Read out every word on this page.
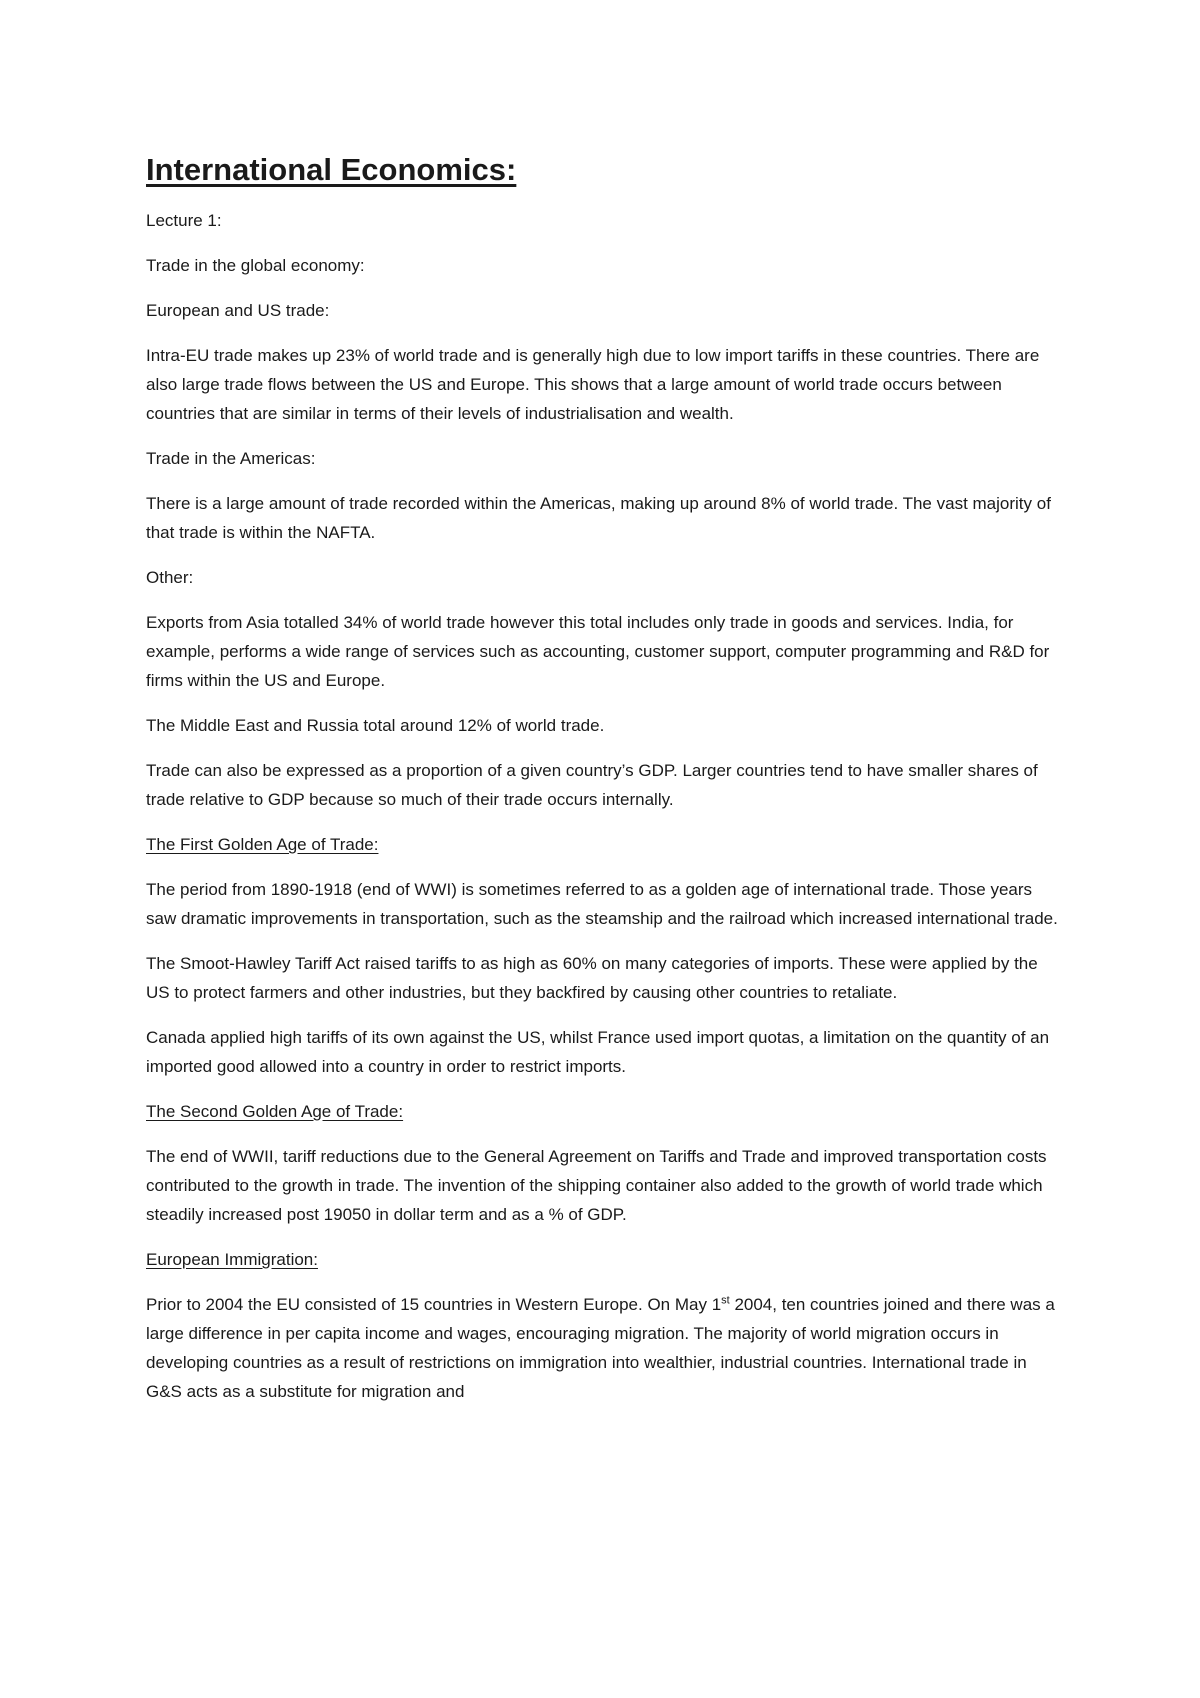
International Economics:

Lecture 1:

Trade in the global economy:

European and US trade:

Intra-EU trade makes up 23% of world trade and is generally high due to low import tariffs in these countries. There are also large trade flows between the US and Europe. This shows that a large amount of world trade occurs between countries that are similar in terms of their levels of industrialisation and wealth.

Trade in the Americas:

There is a large amount of trade recorded within the Americas, making up around 8% of world trade. The vast majority of that trade is within the NAFTA.

Other:

Exports from Asia totalled 34% of world trade however this total includes only trade in goods and services. India, for example, performs a wide range of services such as accounting, customer support, computer programming and R&D for firms within the US and Europe.

The Middle East and Russia total around 12% of world trade.

Trade can also be expressed as a proportion of a given country’s GDP. Larger countries tend to have smaller shares of trade relative to GDP because so much of their trade occurs internally.

The First Golden Age of Trade:

The period from 1890-1918 (end of WWI) is sometimes referred to as a golden age of international trade. Those years saw dramatic improvements in transportation, such as the steamship and the railroad which increased international trade.

The Smoot-Hawley Tariff Act raised tariffs to as high as 60% on many categories of imports. These were applied by the US to protect farmers and other industries, but they backfired by causing other countries to retaliate.

Canada applied high tariffs of its own against the US, whilst France used import quotas, a limitation on the quantity of an imported good allowed into a country in order to restrict imports.

The Second Golden Age of Trade:

The end of WWII, tariff reductions due to the General Agreement on Tariffs and Trade and improved transportation costs contributed to the growth in trade. The invention of the shipping container also added to the growth of world trade which steadily increased post 19050 in dollar term and as a % of GDP.

European Immigration:

Prior to 2004 the EU consisted of 15 countries in Western Europe. On May 1st 2004, ten countries joined and there was a large difference in per capita income and wages, encouraging migration. The majority of world migration occurs in developing countries as a result of restrictions on immigration into wealthier, industrial countries. International trade in G&S acts as a substitute for migration and
